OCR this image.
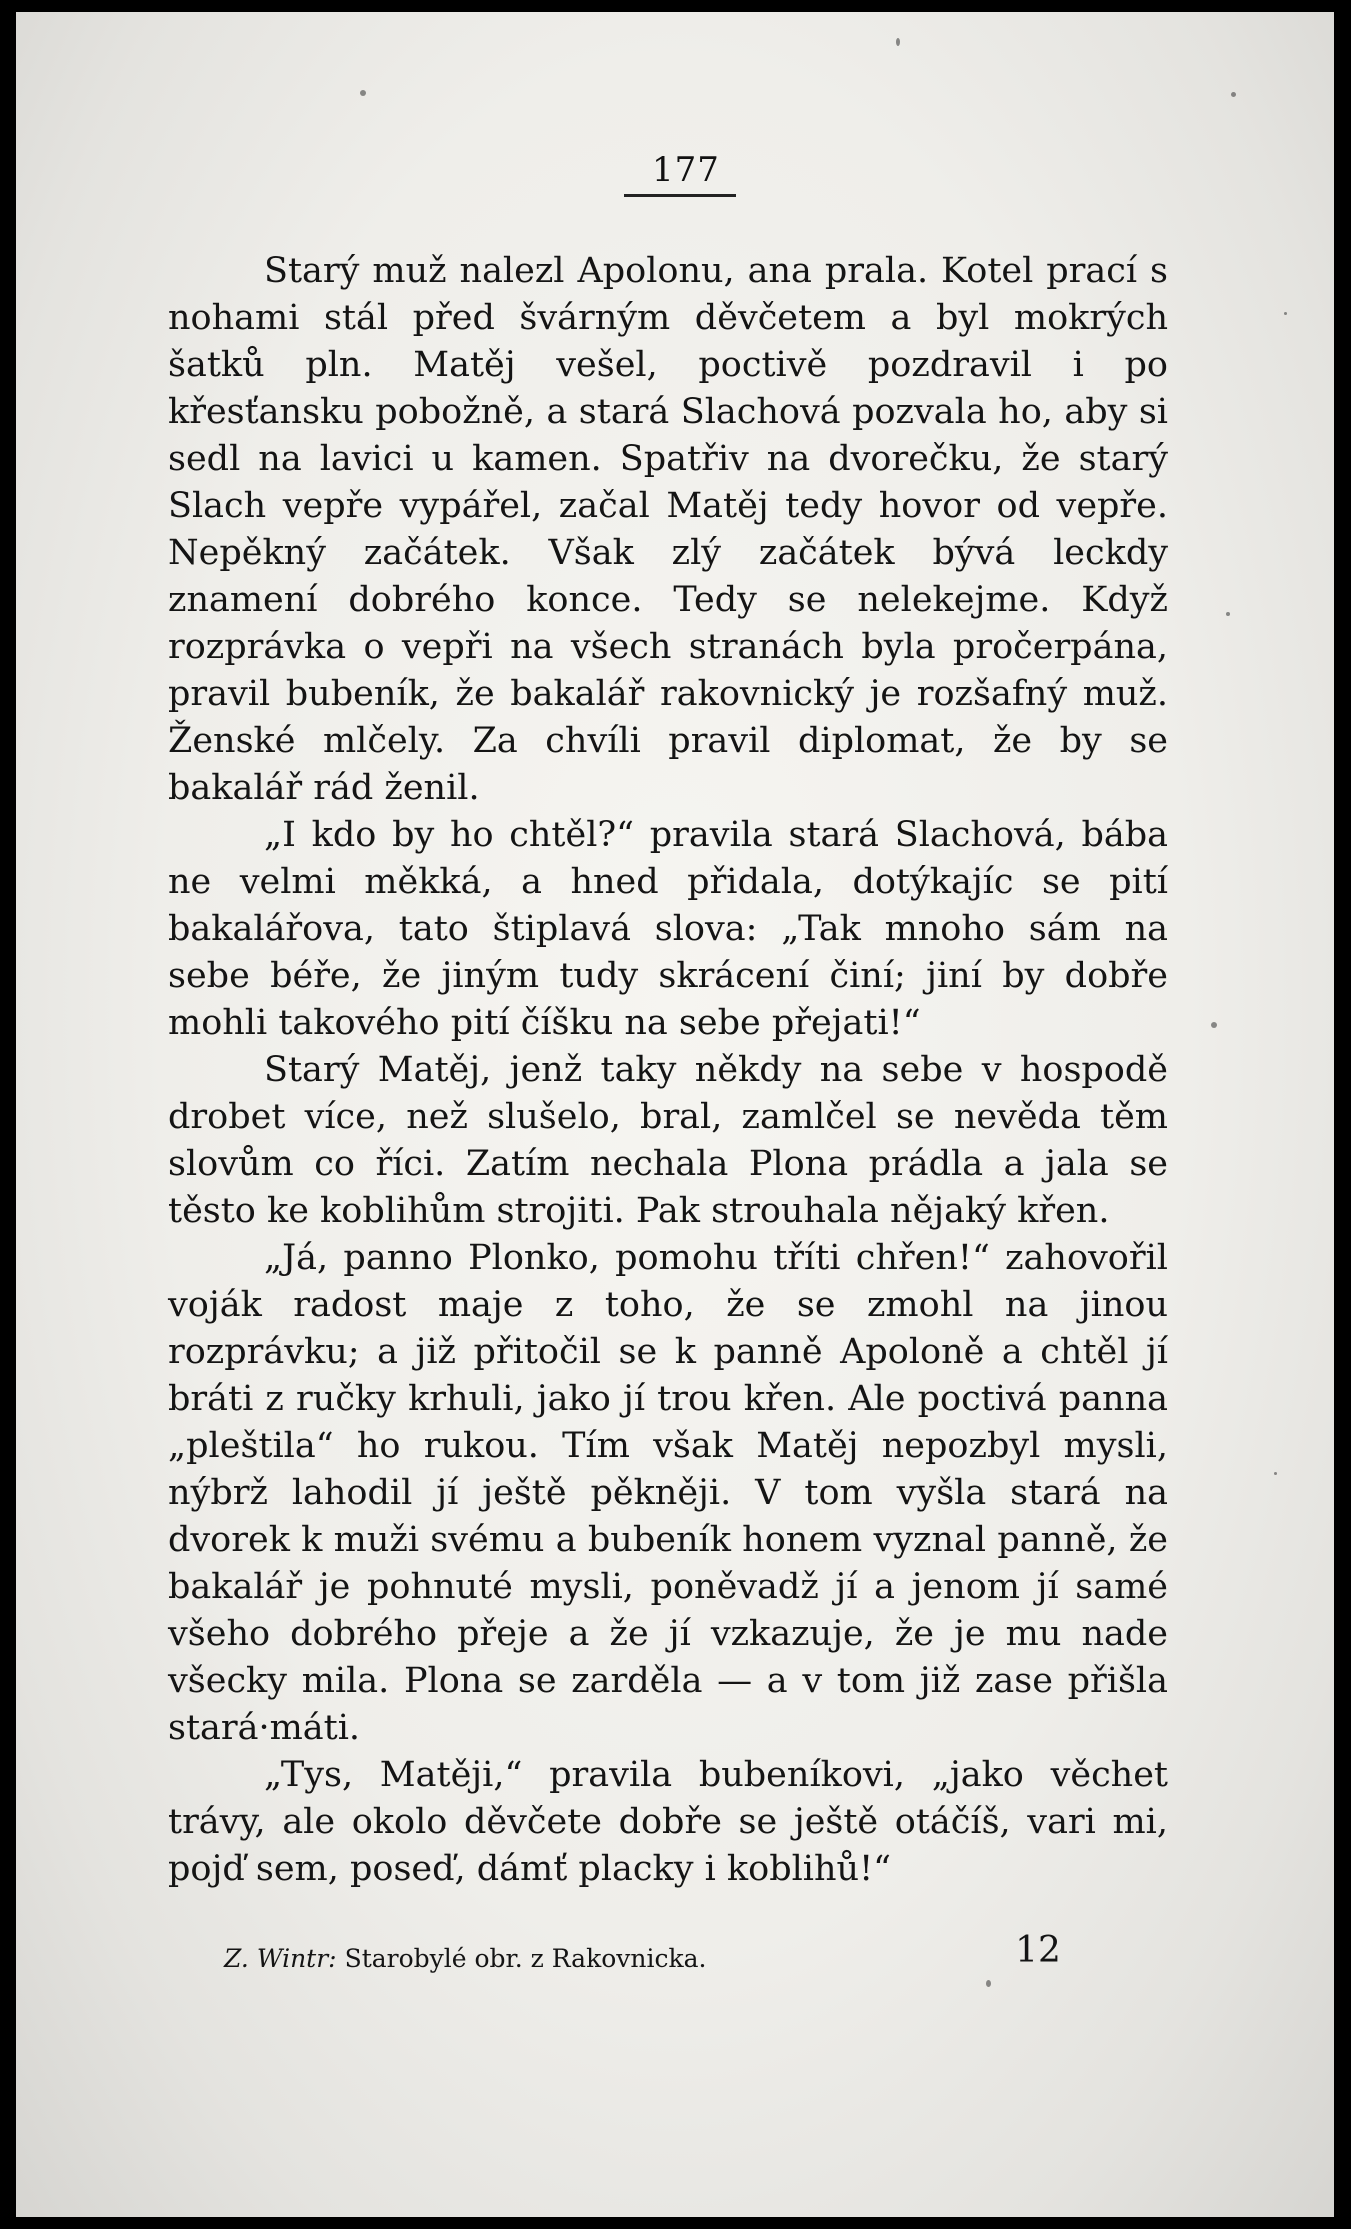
177

Starý muž nalezl Apolonu, ana prala. Kotel prací s nohami stál před švárným děvčetem a byl mokrých šatků pln. Matěj vešel, poctivě pozdravil i po křesťansku pobožně, a stará Slachová pozvala ho, aby si sedl na lavici u kamen. Spatřiv na dvorečku, že starý Slach vepře vypářel, začal Matěj tedy hovor od vepře. Nepěkný začátek. Však zlý začátek bývá leckdy znamení dobrého konce. Tedy se nelekejme. Když rozprávka o vepři na všech stranách byla pročerpána, pravil bubeník, že bakalář rakovnický je rozšafný muž. Ženské mlčely. Za chvíli pravil diplomat, že by se bakalář rád ženil.

„I kdo by ho chtěl?“ pravila stará Slachová, bába ne velmi měkká, a hned přidala, dotýkajíc se pití bakalářova, tato štiplavá slova: „Tak mnoho sám na sebe béře, že jiným tudy skrácení činí; jiní by dobře mohli takového pití číšku na sebe přejati!“

Starý Matěj, jenž taky někdy na sebe v hospodě drobet více, než slušelo, bral, zamlčel se nevěda těm slovům co říci. Zatím nechala Plona prádla a jala se těsto ke koblihům strojiti. Pak strouhala nějaký křen.

„Já, panno Plonko, pomohu tříti chřen!“ zahovořil voják radost maje z toho, že se zmohl na jinou rozprávku; a již přitočil se k panně Apoloně a chtěl jí bráti z ručky krhuli, jako jí trou křen. Ale poctivá panna „pleštila“ ho rukou. Tím však Matěj nepozbyl mysli, nýbrž lahodil jí ještě pěkněji. V tom vyšla stará na dvorek k muži svému a bubeník honem vyznal panně, že bakalář je pohnuté mysli, poněvadž jí a jenom jí samé všeho dobrého přeje a že jí vzkazuje, že je mu nade všecky mila. Plona se zarděla — a v tom již zase přišla stará·máti.

„Tys, Matěji,“ pravila bubeníkovi, „jako věchet trávy, ale okolo děvčete dobře se ještě otáčíš, vari mi, pojď sem, poseď, dámť placky i koblihů!“

Z. Wintr: Starobylé obr. z Rakovnicka.	12
